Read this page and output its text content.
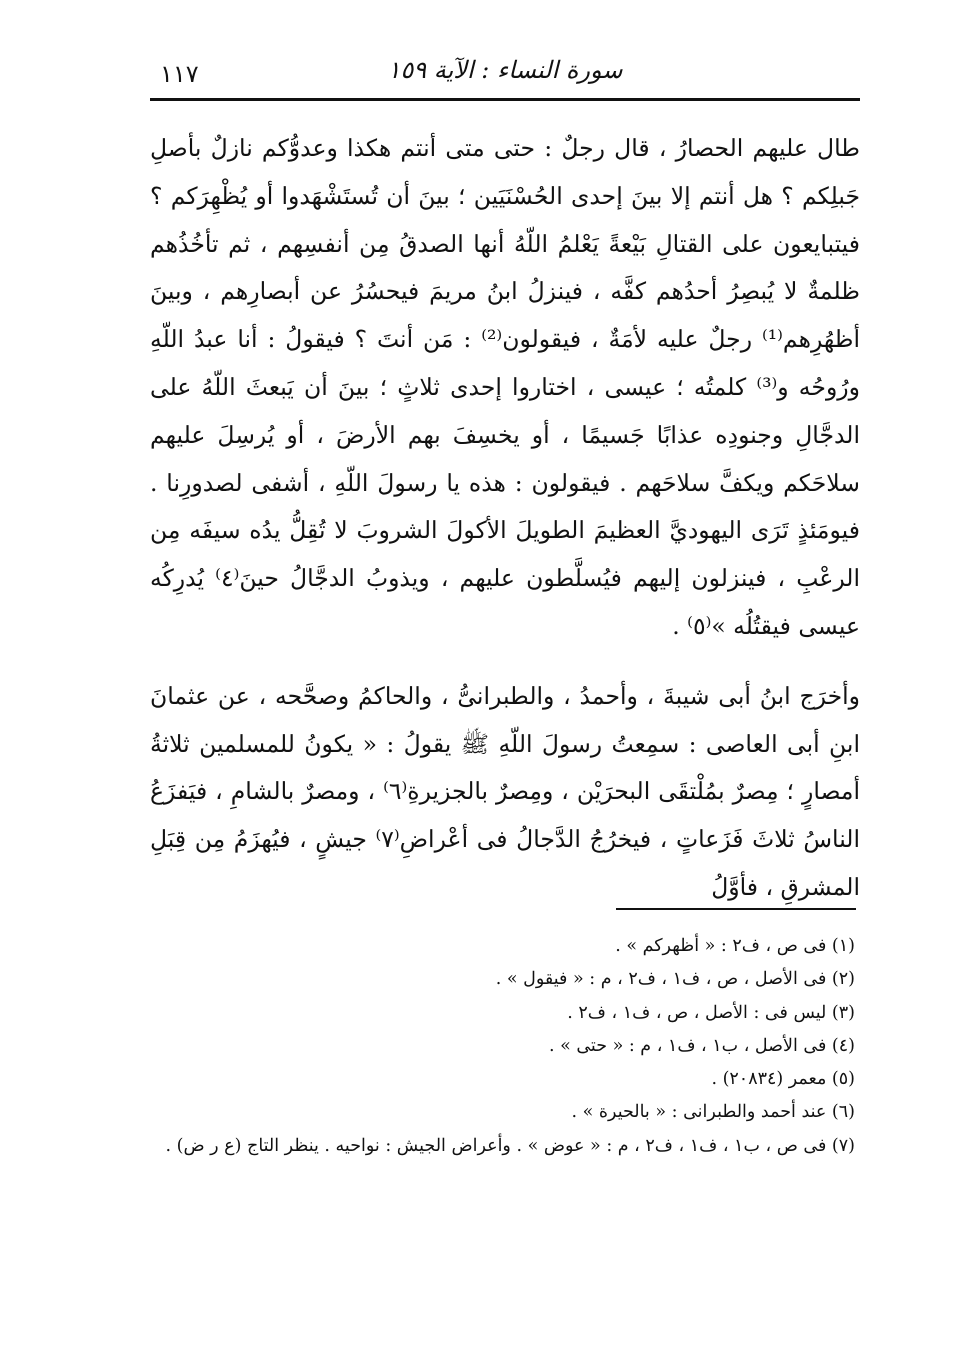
١١٧	سورة النساء : الآية ١٥٩

طال عليهم الحصارُ ، قال رجلٌ : حتى متى أنتم هكذا وعدوُّكم نازلٌ بأصلِ جَبلِكم ؟ هل أنتم إلا بينَ إحدى الحُسْنَيَين ؛ بينَ أن تُستَشْهَدوا أو يُظْهِرَكم ؟ فيتبايعون على القتالِ بَيْعةً يَعْلمُ اللّهُ أنها الصدقُ مِن أنفسِهم ، ثم تأخُذُهم ظلمةٌ لا يُبصِرُ أحدُهم كفَّه ، فينزلُ ابنُ مريمَ فيحسُرُ عن أبصارِهم ، وبينَ أظهُرِهم⁽¹⁾ رجلٌ عليه لأمَةٌ ، فيقولون⁽²⁾ : مَن أنتَ ؟ فيقولُ : أنا عبدُ اللّهِ ورُوحُه و⁽³⁾ كلمتُه ؛ عيسى ، اختاروا إحدى ثلاثٍ ؛ بينَ أن يَبعثَ اللّهُ على الدجَّالِ وجنودِه عذابًا جَسيمًا ، أو يخسِفَ بهم الأرضَ ، أو يُرسِلَ عليهم سلاحَكم ويكفَّ سلاحَهم . فيقولون : هذه يا رسولَ اللّهِ ، أشفى لصدورِنا . فيومَئذٍ تَرَى اليهوديَّ العظيمَ الطويلَ الأكولَ الشروبَ لا تُقِلُّ يدُه سيفَه مِن الرعْبِ ، فينزلون إليهم فيُسلَّطون عليهم ، ويذوبُ الدجَّالُ حينَ⁽٤⁾ يُدرِكُه عيسى فيقتُلُه »⁽٥⁾ .

وأخرَج ابنُ أبى شيبةَ ، وأحمدُ ، والطبرانىُّ ، والحاكمُ وصحَّحه ، عن عثمانَ ابنِ أبى العاصى : سمِعتُ رسولَ اللّهِ ﷺ يقولُ : « يكونُ للمسلمين ثلاثةُ أمصارٍ ؛ مِصرٌ بمُلْتقَى البحرَيْن ، ومِصرٌ بالجزيرةِ⁽٦⁾ ، ومصرٌ بالشامِ ، فيَفزَعُ الناسُ ثلاثَ فَزَعاتٍ ، فيخرُجُ الدَّجالُ فى أعْراضِ⁽٧⁾ جيشٍ ، فيُهزَمُ مِن قِبَلِ المشرقِ ، فأوَّلُ

(١) فى ص ، ف٢ : « أظهركم » .
(٢) فى الأصل ، ص ، ف١ ، ف٢ ، م : « فيقول » .
(٣) ليس فى : الأصل ، ص ، ف١ ، ف٢ .
(٤) فى الأصل ، ب١ ، ف١ ، م : « حتى » .
(٥) معمر (٢٠٨٣٤) .
(٦) عند أحمد والطبرانى : « بالحيرة » .
(٧) فى ص ، ب١ ، ف١ ، ف٢ ، م : « عوض » . وأعراض الجيش : نواحيه . ينظر التاج (ع ر ض) .
